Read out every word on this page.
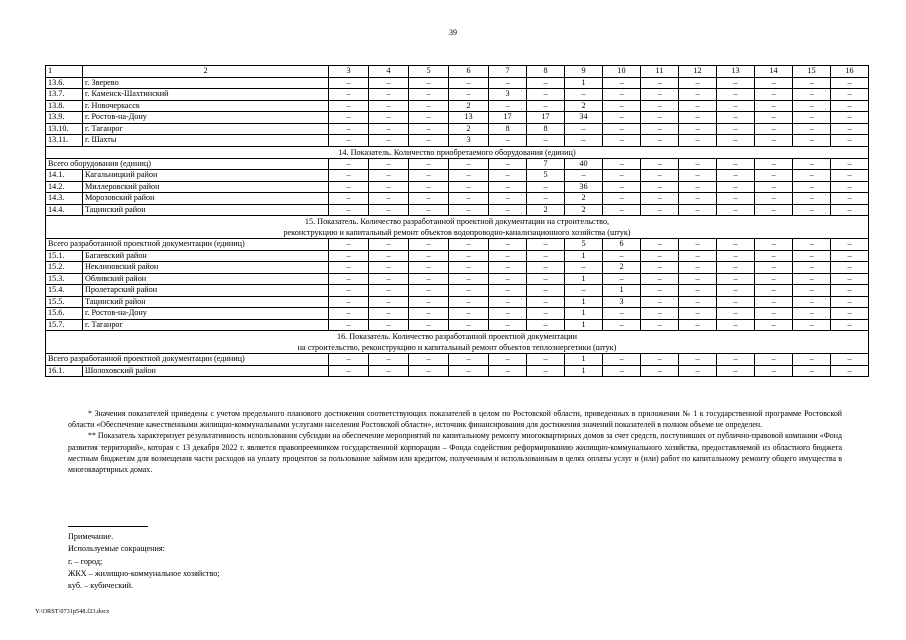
39
1	2	3	4	5	6	7	8	9	10	11	12	13	14	15	16
13.6.	г. Зверево	–	–	–	–	–	–	1	–	–	–	–	–	–	–
13.7.	г. Каменск-Шахтинский	–	–	–	–	3	–	–	–	–	–	–	–	–	–
13.8.	г. Новочеркасск	–	–	–	2	–	–	2	–	–	–	–	–	–	–
13.9.	г. Ростов-на-Дону	–	–	–	13	17	17	34	–	–	–	–	–	–	–
13.10.	г. Таганрог	–	–	–	2	8	8	–	–	–	–	–	–	–	–
13.11.	г. Шахты	–	–	–	3	–	–	–	–	–	–	–	–	–	–

14. Показатель. Количество приобретаемого оборудования (единиц)															

Всего оборудования (единиц)		–	–	–	–	–	7	40	–	–	–	–	–	–	–
14.1.	Кагальницкий район	–	–	–	–	–	5	–	–	–	–	–	–	–	–
14.2.	Миллеровский район	–	–	–	–	–	–	36	–	–	–	–	–	–	–
14.3.	Морозовский район	–	–	–	–	–	–	2	–	–	–	–	–	–	–
14.4.	Тацинский район	–	–	–	–	–	2	2	–	–	–	–	–	–	–

15. Показатель. Количество разработанной проектной документации на строительство,
реконструкцию и капитальный ремонт объектов водопроводно-канализационного хозяйства (штук)															

Всего разработанной проектной документации (единиц)		–	–	–	–	–	–	5	6	–	–	–	–	–	–
15.1.	Багаевский район	–	–	–	–	–	–	1	–	–	–	–	–	–	–
15.2.	Неклиновский район	–	–	–	–	–	–	–	2	–	–	–	–	–	–
15.3.	Обливский район	–	–	–	–	–	–	1	–	–	–	–	–	–	–
15.4.	Пролетарский район	–	–	–	–	–	–	–	1	–	–	–	–	–	–
15.5.	Тацинский район	–	–	–	–	–	–	1	3	–	–	–	–	–	–
15.6.	г. Ростов-на-Дону	–	–	–	–	–	–	1	–	–	–	–	–	–	–
15.7.	г. Таганрог	–	–	–	–	–	–	1	–	–	–	–	–	–	–

16. Показатель. Количество разработанной проектной документации
на строительство, реконструкцию и капитальный ремонт объектов теплоэнергетики (штук)															

Всего разработанной проектной документации (единиц)		–	–	–	–	–	–	1	–	–	–	–	–	–	–
16.1.	Шолоховский район	–	–	–	–	–	–	1	–	–	–	–	–	–	–

* Значения показателей приведены с учетом предельного планового достижения соответствующих показателей в целом по Ростовской области, приведенных в приложении № 1 к государственной программе Ростовской области «Обеспечение качественными жилищно-коммунальными услугами населения Ростовской области», источник финансирования для достижения значений показателей в полном объеме не определен.

** Показатель характеризует результативность использования субсидии на обеспечение мероприятий по капитальному ремонту многоквартирных домов за счет средств, поступивших от публично-правовой компании «Фонд развития территорий», которая с 13 декабря 2022 г. является правопреемником государственной корпорации – Фонда содействия реформированию жилищно-коммунального хозяйства, предоставляемой из областного бюджета местным бюджетам для возмещения части расходов на уплату процентов за пользование займом или кредитом, полученным и использованным в целях оплаты услуг и (или) работ по капитальному ремонту общего имущества в многоквартирных домах.

Примечание.
Используемые сокращения:
г. – город;
ЖКХ – жилищно-коммунальное хозяйство;
куб. – кубический.
Y:\ORST\0731p548.f23.docx
